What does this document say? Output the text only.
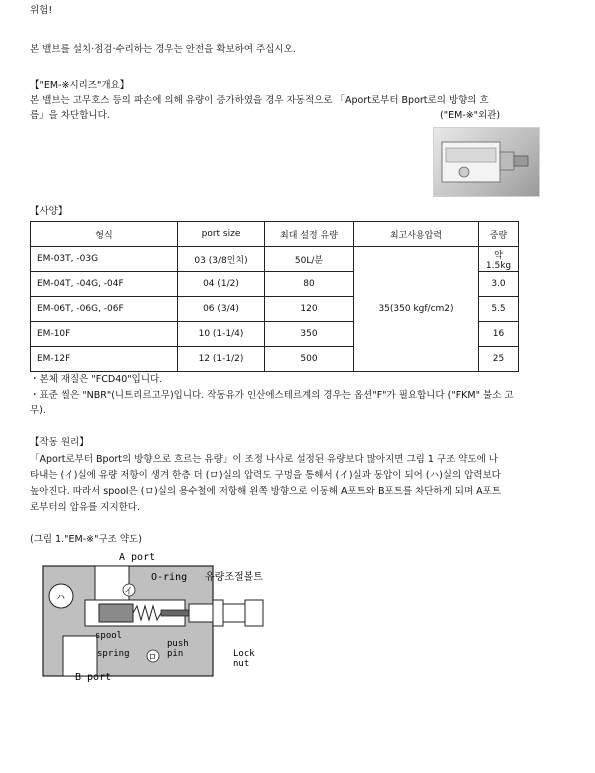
위험!
본 밸브를 설치·점검·수리하는 경우는 안전을 확보하여 주십시오.
【"EM-※시리즈"개요】
본 밸브는 고무호스 등의 파손에 의해 유량이 증가하였을 경우 자동적으로 「Aport로부터 Bport로의 방향의 흐
름」을 차단합니다.	("EM-※"외관)
【사양】
형식	port size	최대 설정 유량	최고사용압력	중량
EM-03T, -03G	03 (3/8인치)	50L/분	35(350 kgf/cm2)	약1.5kg
EM-04T, -04G, -04F	04 (1/2)	80		3.0
EM-06T, -06G, -06F	06 (3/4)	120		5.5
EM-10F	10 (1-1/4)	350		16
EM-12F	12 (1-1/2)	500		25
・본체 재질은 "FCD40"입니다.
・표준 씰은 "NBR"(니트리르고무)입니다. 작동유가 인산에스테르계의 경우는 옵션"F"가 필요합니다 ("FKM" 불소 고
무).
【작동 원리】
「Aport로부터 Bport의 방향으로 흐르는 유량」이 조정 나사로 설정된 유량보다 많아지면 그림 1 구조 약도에 나
타내는 (イ)실에 유량 저항이 생겨 한층 더 (ロ)실의 압력도 구멍을 통해서 (イ)실과 동압이 되어 (ハ)실의 압력보다
높아진다. 따라서 spool은 (ロ)실의 용수철에 저항해 왼쪽 방향으로 이동해 A포트와 B포트를 차단하게 되며 A포트
로부터의 압유를 지지한다.
(그림 1."EM-※"구조 약도)
A port
B port
O-ring 유량조절볼트
spool
spring
push
pin	Lock
nut
ハ
イ
ロ
